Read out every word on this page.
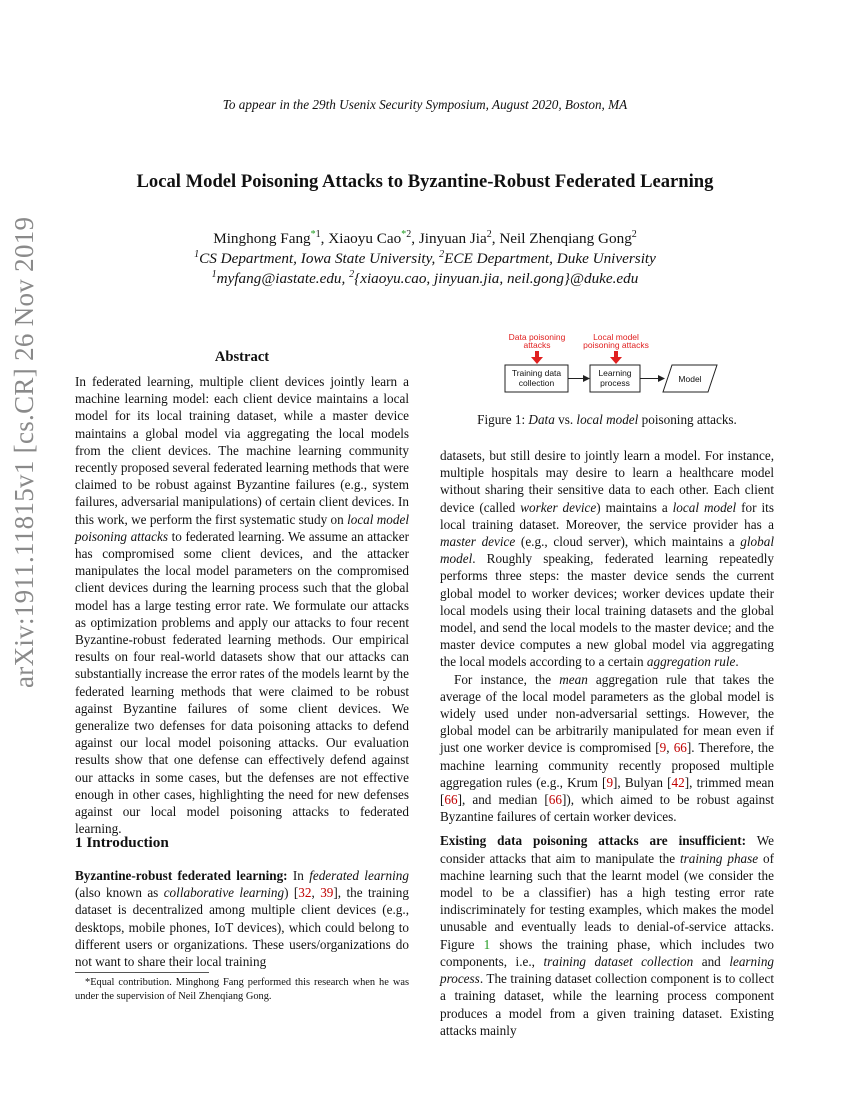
To appear in the 29th Usenix Security Symposium, August 2020, Boston, MA
Local Model Poisoning Attacks to Byzantine-Robust Federated Learning
Minghong Fang$^{*1}$, Xiaoyu Cao$^{*2}$, Jinyuan Jia$^2$, Neil Zhenqiang Gong$^2$
$^1$CS Department, Iowa State University, $^2$ECE Department, Duke University
$^1$myfang@iastate.edu, $^2${xiaoyu.cao, jinyuan.jia, neil.gong}@duke.edu
arXiv:1911.11815v1 [cs.CR] 26 Nov 2019	Abstract

In federated learning, multiple client devices jointly learn a machine learning model: each client device maintains a local model for its local training dataset, while a master device maintains a global model via aggregating the local models from the client devices. The machine learning community recently proposed several federated learning methods that were claimed to be robust against Byzantine failures (e.g., system failures, adversarial manipulations) of certain client devices. In this work, we perform the first systematic study on local model poisoning attacks to federated learning. We assume an attacker has compromised some client devices, and the attacker manipulates the local model parameters on the compromised client devices during the learning process such that the global model has a large testing error rate. We formulate our attacks as optimization problems and apply our attacks to four recent Byzantine-robust federated learning methods. Our empirical results on four real-world datasets show that our attacks can substantially increase the error rates of the models learnt by the federated learning methods that were claimed to be robust against Byzantine failures of some client devices. We generalize two defenses for data poisoning attacks to defend against our local model poisoning attacks. Our evaluation results show that one defense can effectively defend against our attacks in some cases, but the defenses are not effective enough in other cases, highlighting the need for new defenses against our local model poisoning attacks to federated learning.

1 Introduction

Byzantine-robust federated learning: In federated learning (also known as collaborative learning) [32, 39], the training dataset is decentralized among multiple client devices (e.g., desktops, mobile phones, IoT devices), which could belong to different users or organizations. These users/organizations do not want to share their local training

*Equal contribution. Minghong Fang performed this research when he was under the supervision of Neil Zhenqiang Gong.

Data poisoning
attacks
Local model
poisoning attacks
Training data
collection
Learning
process	Model
Figure 1: Data vs. local model poisoning attacks.

datasets, but still desire to jointly learn a model. For instance, multiple hospitals may desire to learn a healthcare model without sharing their sensitive data to each other. Each client device (called worker device) maintains a local model for its local training dataset. Moreover, the service provider has a master device (e.g., cloud server), which maintains a global model. Roughly speaking, federated learning repeatedly performs three steps: the master device sends the current global model to worker devices; worker devices update their local models using their local training datasets and the global model, and send the local models to the master device; and the master device computes a new global model via aggregating the local models according to a certain aggregation rule.

For instance, the mean aggregation rule that takes the average of the local model parameters as the global model is widely used under non-adversarial settings. However, the global model can be arbitrarily manipulated for mean even if just one worker device is compromised [9, 66]. Therefore, the machine learning community recently proposed multiple aggregation rules (e.g., Krum [9], Bulyan [42], trimmed mean [66], and median [66]), which aimed to be robust against Byzantine failures of certain worker devices.

Existing data poisoning attacks are insufficient: We consider attacks that aim to manipulate the training phase of machine learning such that the learnt model (we consider the model to be a classifier) has a high testing error rate indiscriminately for testing examples, which makes the model unusable and eventually leads to denial-of-service attacks. Figure 1 shows the training phase, which includes two components, i.e., training dataset collection and learning process. The training dataset collection component is to collect a training dataset, while the learning process component produces a model from a given training dataset. Existing attacks mainly
